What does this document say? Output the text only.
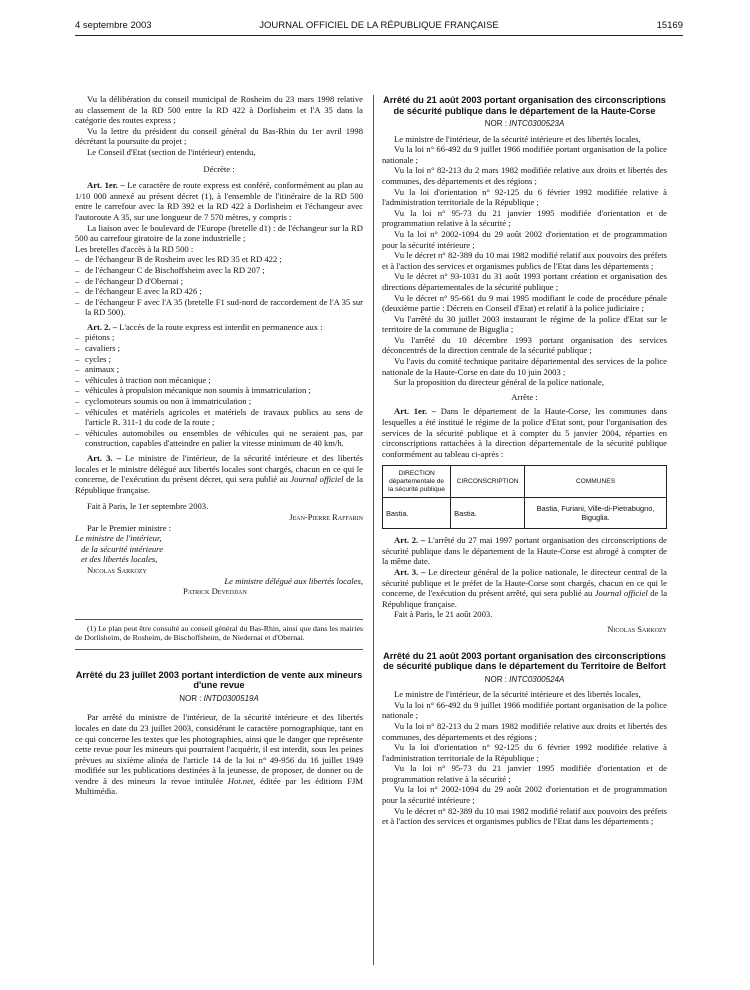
4 septembre 2003	JOURNAL OFFICIEL DE LA RÉPUBLIQUE FRANÇAISE	15169

Vu la délibération du conseil municipal de Rosheim du 23 mars 1998 relative au classement de la RD 500 entre la RD 422 à Dorlisheim et l'A 35 dans la catégorie des routes express ;

Vu la lettre du président du conseil général du Bas-Rhin du 1er avril 1998 décrétant la poursuite du projet ;

Le Conseil d'Etat (section de l'intérieur) entendu,

Décrète :

Art. 1er. – Le caractère de route express est conféré, conformément au plan au 1/10 000 annexé au présent décret (1), à l'ensemble de l'itinéraire de la RD 500 entre le carrefour avec la RD 392 et la RD 422 à Dorlisheim et l'échangeur avec l'autoroute A 35, sur une longueur de 7 570 mètres, y compris :

La liaison avec le boulevard de l'Europe (bretelle d1) : de l'échangeur sur la RD 500 au carrefour giratoire de la zone industrielle ;

Les bretelles d'accès à la RD 500 :

– de l'échangeur B de Rosheim avec les RD 35 et RD 422 ;

– de l'échangeur C de Bischoffsheim avec la RD 207 ;

– de l'échangeur D d'Obernai ;

– de l'échangeur E avec la RD 426 ;

– de l'échangeur F avec l'A 35 (bretelle F1 sud-nord de raccordement de l'A 35 sur la RD 500).

Art. 2. – L'accès de la route express est interdit en permanence aux :

– piétons ;

– cavaliers ;

– cycles ;

– animaux ;

– véhicules à traction non mécanique ;

– véhicules à propulsion mécanique non soumis à immatriculation ;

– cyclomoteurs soumis ou non à immatriculation ;

– véhicules et matériels agricoles et matériels de travaux publics au sens de l'article R. 311-1 du code de la route ;

– véhicules automobiles ou ensembles de véhicules qui ne seraient pas, par construction, capables d'atteindre en palier la vitesse minimum de 40 km/h.

Art. 3. – Le ministre de l'intérieur, de la sécurité intérieure et des libertés locales et le ministre délégué aux libertés locales sont chargés, chacun en ce qui le concerne, de l'exécution du présent décret, qui sera publié au Journal officiel de la République française.

Fait à Paris, le 1er septembre 2003.

Jean-Pierre Raffarin

Par le Premier ministre :

Le ministre de l'intérieur,

de la sécurité intérieure

et des libertés locales,

Nicolas Sarkozy

Le ministre délégué aux libertés locales,

Patrick Devedjian

(1) Le plan peut être consulté au conseil général du Bas-Rhin, ainsi que dans les mairies de Dorlisheim, de Rosheim, de Bischoffsheim, de Niedernai et d'Obernai.

Arrêté du 23 juillet 2003 portant interdiction de vente aux mineurs d'une revue

NOR : INTD0300519A

Par arrêté du ministre de l'intérieur, de la sécurité intérieure et des libertés locales en date du 23 juillet 2003, considérant le caractère pornographique, tant en ce qui concerne les textes que les photographies, ainsi que le danger que représente cette revue pour les mineurs qui pourraient l'acquérir, il est interdit, sous les peines prévues au sixième alinéa de l'article 14 de la loi n° 49-956 du 16 juillet 1949 modifiée sur les publications destinées à la jeunesse, de proposer, de donner ou de vendre à des mineurs la revue intitulée Hot.net, éditée par les éditions FJM Multimédia.

Arrêté du 21 août 2003 portant organisation des circonscriptions de sécurité publique dans le département de la Haute-Corse

NOR : INTC0300523A

Le ministre de l'intérieur, de la sécurité intérieure et des libertés locales,

Vu la loi n° 66-492 du 9 juillet 1966 modifiée portant organisation de la police nationale ;

Vu la loi n° 82-213 du 2 mars 1982 modifiée relative aux droits et libertés des communes, des départements et des régions ;

Vu la loi d'orientation n° 92-125 du 6 février 1992 modifiée relative à l'administration territoriale de la République ;

Vu la loi n° 95-73 du 21 janvier 1995 modifiée d'orientation et de programmation relative à la sécurité ;

Vu la loi n° 2002-1094 du 29 août 2002 d'orientation et de programmation pour la sécurité intérieure ;

Vu le décret n° 82-389 du 10 mai 1982 modifié relatif aux pouvoirs des préfets et à l'action des services et organismes publics de l'Etat dans les départements ;

Vu le décret n° 93-1031 du 31 août 1993 portant création et organisation des directions départementales de la sécurité publique ;

Vu le décret n° 95-661 du 9 mai 1995 modifiant le code de procédure pénale (deuxième partie : Décrets en Conseil d'Etat) et relatif à la police judiciaire ;

Vu l'arrêté du 30 juillet 2003 instaurant le régime de la police d'Etat sur le territoire de la commune de Biguglia ;

Vu l'arrêté du 10 décembre 1993 portant organisation des services déconcentrés de la direction centrale de la sécurité publique ;

Vu l'avis du comité technique paritaire départemental des services de la police nationale de la Haute-Corse en date du 10 juin 2003 ;

Sur la proposition du directeur général de la police nationale,

Arrête :

Art. 1er. – Dans le département de la Haute-Corse, les communes dans lesquelles a été institué le régime de la police d'Etat sont, pour l'organisation des services de la sécurité publique et à compter du 5 janvier 2004, réparties en circonscriptions rattachées à la direction départementale de la sécurité publique conformément au tableau ci-après :

DIRECTION départementale de la sécurité publique	CIRCONSCRIPTION	COMMUNES
Bastia.	Bastia.	Bastia, Furiani, Ville-di-Pietrabugno, Biguglia.

Art. 2. – L'arrêté du 27 mai 1997 portant organisation des circonscriptions de sécurité publique dans le département de la Haute-Corse est abrogé à compter de la même date.

Art. 3. – Le directeur général de la police nationale, le directeur central de la sécurité publique et le préfet de la Haute-Corse sont chargés, chacun en ce qui le concerne, de l'exécution du présent arrêté, qui sera publié au Journal officiel de la République française.

Fait à Paris, le 21 août 2003.

Nicolas Sarkozy

Arrêté du 21 août 2003 portant organisation des circonscriptions de sécurité publique dans le département du Territoire de Belfort

NOR : INTC0300524A

Le ministre de l'intérieur, de la sécurité intérieure et des libertés locales,

Vu la loi n° 66-492 du 9 juillet 1966 modifiée portant organisation de la police nationale ;

Vu la loi n° 82-213 du 2 mars 1982 modifiée relative aux droits et libertés des communes, des départements et des régions ;

Vu la loi d'orientation n° 92-125 du 6 février 1992 modifiée relative à l'administration territoriale de la République ;

Vu la loi n° 95-73 du 21 janvier 1995 modifiée d'orientation et de programmation relative à la sécurité ;

Vu la loi n° 2002-1094 du 29 août 2002 d'orientation et de programmation pour la sécurité intérieure ;

Vu le décret n° 82-389 du 10 mai 1982 modifié relatif aux pouvoirs des préfets et à l'action des services et organismes publics de l'Etat dans les départements ;
